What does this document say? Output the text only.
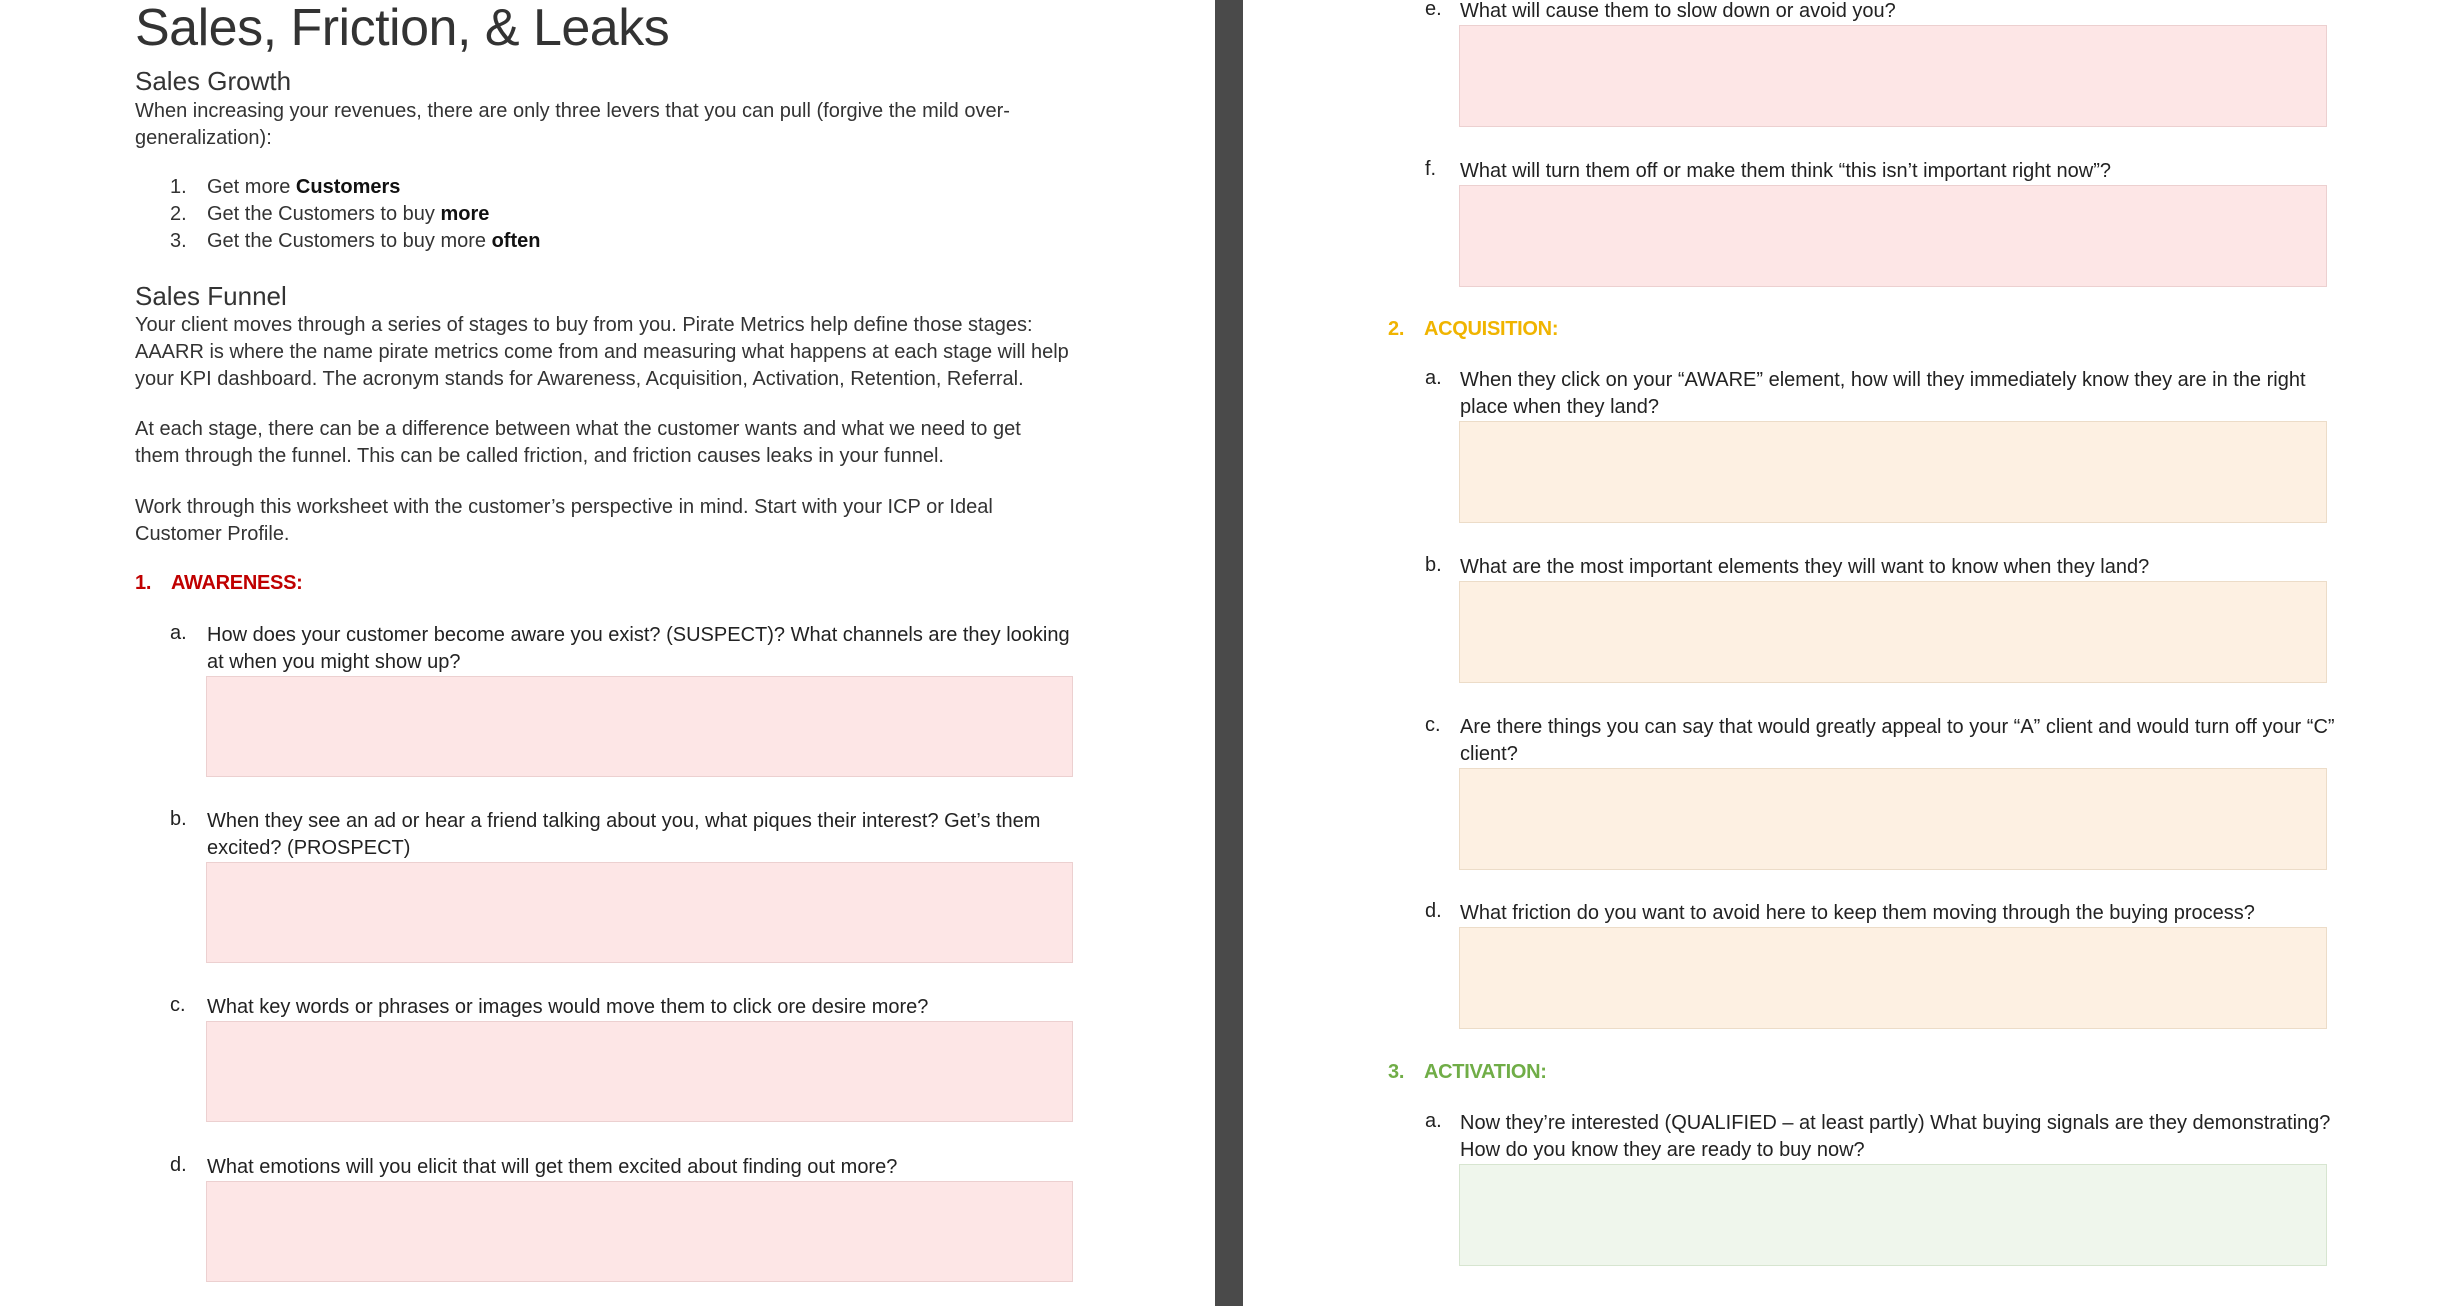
Sales, Friction, & Leaks
Sales Growth
When increasing your revenues, there are only three levers that you can pull (forgive the mild over-generalization):
1. Get more Customers
2. Get the Customers to buy more
3. Get the Customers to buy more often
Sales Funnel
Your client moves through a series of stages to buy from you. Pirate Metrics help define those stages: AAARR is where the name pirate metrics come from and measuring what happens at each stage will help your KPI dashboard. The acronym stands for Awareness, Acquisition, Activation, Retention, Referral.
At each stage, there can be a difference between what the customer wants and what we need to get them through the funnel. This can be called friction, and friction causes leaks in your funnel.
Work through this worksheet with the customer’s perspective in mind. Start with your ICP or Ideal Customer Profile.
1. AWARENESS:
a. How does your customer become aware you exist? (SUSPECT)? What channels are they looking at when you might show up?
b. When they see an ad or hear a friend talking about you, what piques their interest? Get’s them excited? (PROSPECT)
c. What key words or phrases or images would move them to click ore desire more?
d. What emotions will you elicit that will get them excited about finding out more?
e. What will cause them to slow down or avoid you?
f. What will turn them off or make them think “this isn’t important right now”?
2. ACQUISITION:
a. When they click on your “AWARE” element, how will they immediately know they are in the right place when they land?
b. What are the most important elements they will want to know when they land?
c. Are there things you can say that would greatly appeal to your “A” client and would turn off your “C” client?
d. What friction do you want to avoid here to keep them moving through the buying process?
3. ACTIVATION:
a. Now they’re interested (QUALIFIED – at least partly) What buying signals are they demonstrating? How do you know they are ready to buy now?
